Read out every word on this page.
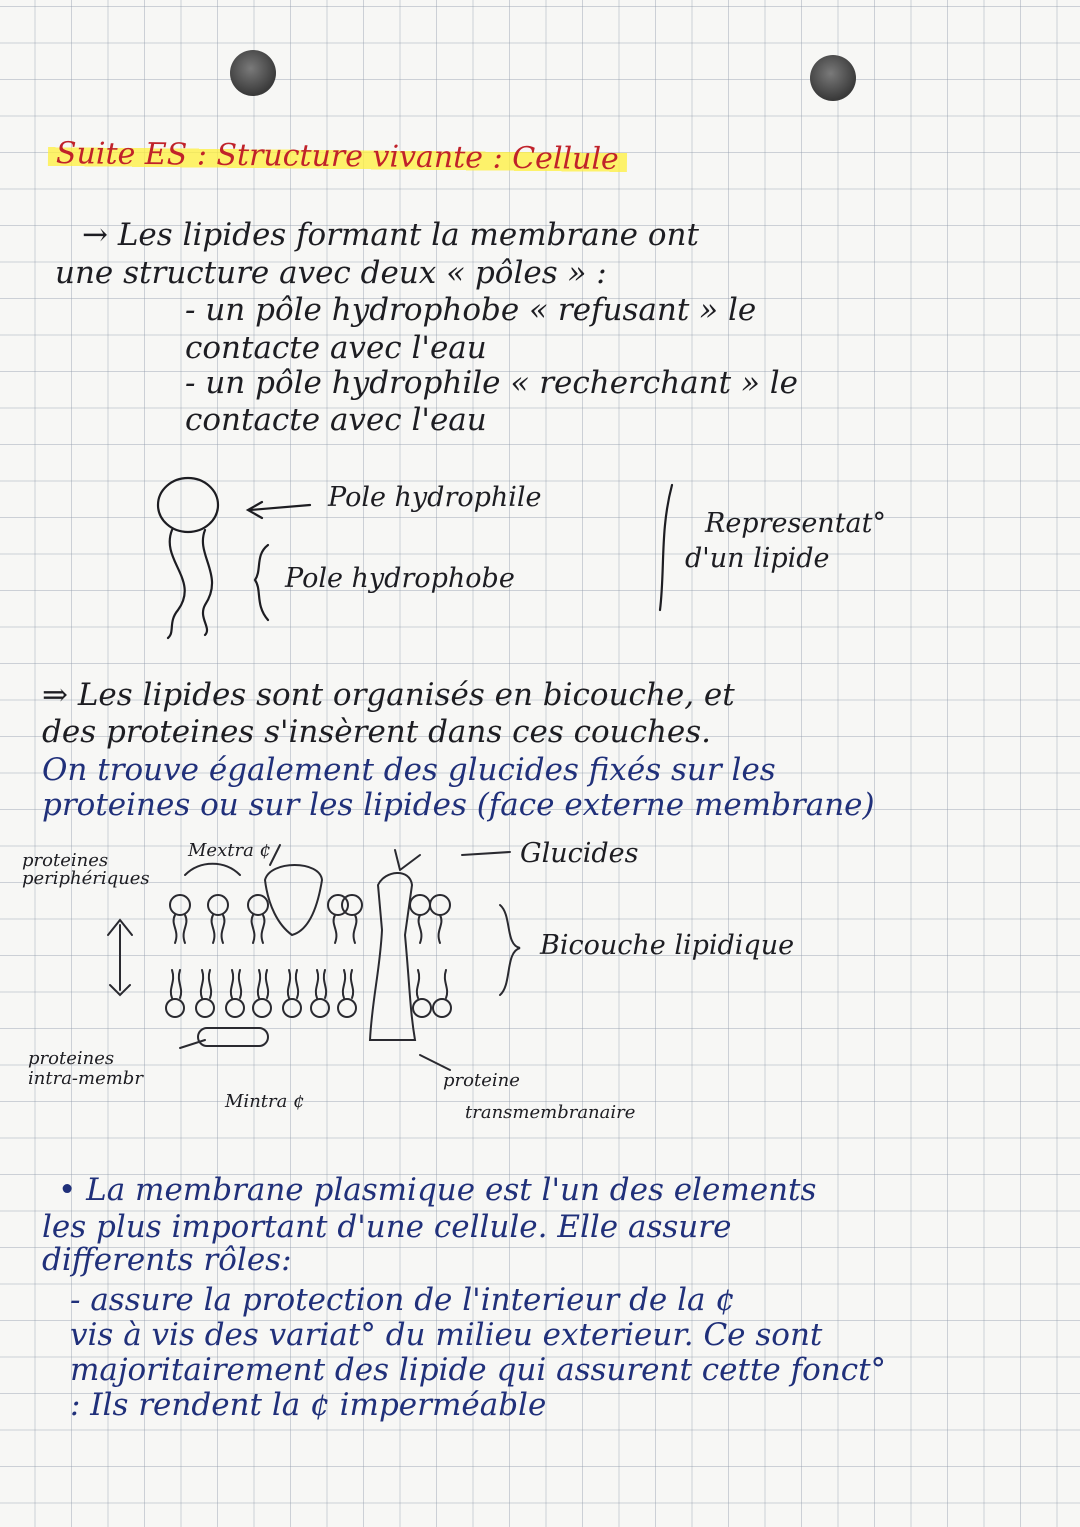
Suite ES : Structure vivante : Cellule
→ Les lipides formant la membrane ont
une structure avec deux « pôles » :
- un pôle hydrophobe « refusant » le
contacte avec l'eau
- un pôle hydrophile « recherchant » le
contacte avec l'eau
Pole hydrophile
Pole hydrophobe
Representat°
d'un lipide
⇒ Les lipides sont organisés en bicouche, et
des proteines s'insèrent dans ces couches.
On trouve également des glucides fixés sur les
proteines ou sur les lipides (face externe membrane)
Mextra ¢	Glucides
proteines
periphériques
Bicouche lipidique
proteines
intra-membr
Mintra ¢
proteine
transmembranaire
• La membrane plasmique est l'un des elements
les plus important d'une cellule. Elle assure
differents rôles:
- assure la protection de l'interieur de la ¢
vis à vis des variat° du milieu exterieur. Ce sont
majoritairement des lipide qui assurent cette fonct°
: Ils rendent la ¢ imperméable
